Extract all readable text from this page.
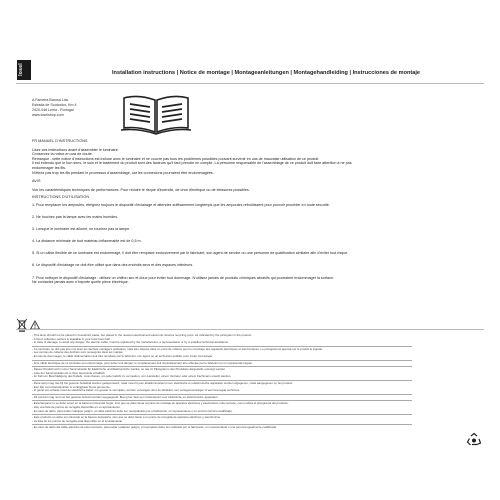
losel	Installation instructions | Notice de montage | Montageanleitungen | Montagehandleiding | Instrucciones de montaje
A Fameira Barosa Lda.
Estrada de Soutocico, Km 4
2420-046 Leiria - Portugal
www.loselshop.com
FR MANUEL D'INSTRUCTIONS
Lisez ces instructions avant d'assembler le luminaire.
Conservez la notice en cas de doute.
Remarque : cette notice d'instructions est incluse avec le luminaire et ne couvre pas tous les problèmes possibles pouvant survenir en cas de mauvaise utilisation de ce produit.
Il est entendu que le bon sens, le soin et le traitement du produit sont des facteurs qu'il faut prendre en compte. La personne responsable de l'assemblage de ce produit doit faire attention à ne pas
endommager les fils.
N'étirez pas trop les fils pendant le processus d'assemblage, car les connexions pourraient être endommagées.
AVIS
Voir les caractéristiques techniques de performances. Pour réduire le risque d'incendie, de choc électrique ou de blessures possibles.
INSTRUCTIONS D'UTILISATION
1. Pour remplacer les ampoules, éteignez toujours le dispositif d'éclairage et attendez suffisamment longtemps que les ampoules refroidissent pour pouvoir procéder en toute sécurité.
2. Ne touchez pas la lampe avec les mains humides.
3. Lorsque le luminaire est allumé, ne touchez pas la lampe.
4. La distance minimale de tout matériau inflammable est de 0,5 m.
5. Si un câble flexible de ce luminaire est endommagé, il doit être remplacé exclusivement par le fabricant, son agent de service ou une personne de qualification similaire afin d'éviter tout risque.
6. Le dispositif d'éclairage ne doit être utilisé que dans des endroits secs et des espaces intérieurs.
7. Pour nettoyer le dispositif d'éclairage : utilisez un chiffon sec et doux pour éviter tout dommage. N'utilisez jamais de produits chimiques abrasifs qui pourraient endommager la surface.
Ne contactez jamais avec n'importe quelle pièce électrique.
- This lamp should not be placed in household waste, but placed in the nearest electrical and electronic devices recycling point. As indicated by the pictogram in the product.
- A list of collection centers is available in your local town hall.
- In case of damage, to avoid any danger, the electric cable, must be replaced by the manufacturer, a representative or by a qualified technical assistance.
- Ce luminaire ne doit pas être mis avec les déchets ménagers ordinaires, mais être déposé dans un point de collecte pour le recyclage des appareils électriques et électroniques. Le pictogramme apposé sur le produit le signale.
- Les centres de collecte des déchets sont renseignés dans les mairies.
- En cas de dommages, le câble d'alimentation doit être remplacé par le fabricant, son agent ou un technicien qualifié, pour éviter tout danger.
- Si le câble électrique de ce luminaire est endommagé, pour éviter tout danger, le remplacement doit impérativement être effectué par le fabricant ou un représentant agréé.
- Dieses Produkt soll in einer Sammelstelle für Elektrische und Elektronische Geräte, so wie im Piktogramm des Produktes dargestellt, entsorgt werden.
- Liste der Sammelstellen ist in Ihrer Gemeinde erhältlich.
- Im Fall von Beschädigung des Kabels, muss dieses, um jede Gefahr zu vermeiden, vom Hersteller, einem Vertreter oder einem Fachmann ersetzt werden.
- Deze lamp mag niet bij het gewone huisafval worden gedeponeerd, maar moet bij een afvalinzamelpunt voor elektrische en elektronische apparaten worden afgegeven, zoals aangegeven op het product.
- Een lijst met inzamelpunten is verkrijgbaar bij uw gemeente.
- In geval van schade moet de elektrische kabel, om gevaar te vermijden, worden vervangen door de fabrikant, een vertegenwoordiger of een bevoegde technicus.
- Dit product mag niet met het gewone huisvuil worden weggegooid. Breng het naar een inzamelpunt voor elektrische en elektronische apparaten.
- Esta lámpara no se debe poner en la basura normal del hogar, sino que se debe llevar al punto de reciclaje de aparatos eléctricos y electrónicos más cercano, como indica el pictograma del producto.
- Hay una lista de puntos de recogida disponible en su ayuntamiento.
- En caso de daño, para evitar cualquier peligro, el cable eléctrico debe ser reemplazado por el fabricante, un representante o un servicio técnico cualificado.
- Este producto no debe ser colocado en la basura doméstica, sino que se debe llevar a un punto de recogida de aparatos eléctricos y electrónicos.
- La lista de los puntos de recogida está disponible en el ayuntamiento.
- En caso de daño del cable eléctrico de este luminario, para evitar cualquier peligro, el reemplazo debe ser realizado por el fabricante, un representante o una persona igualmente cualificada.
